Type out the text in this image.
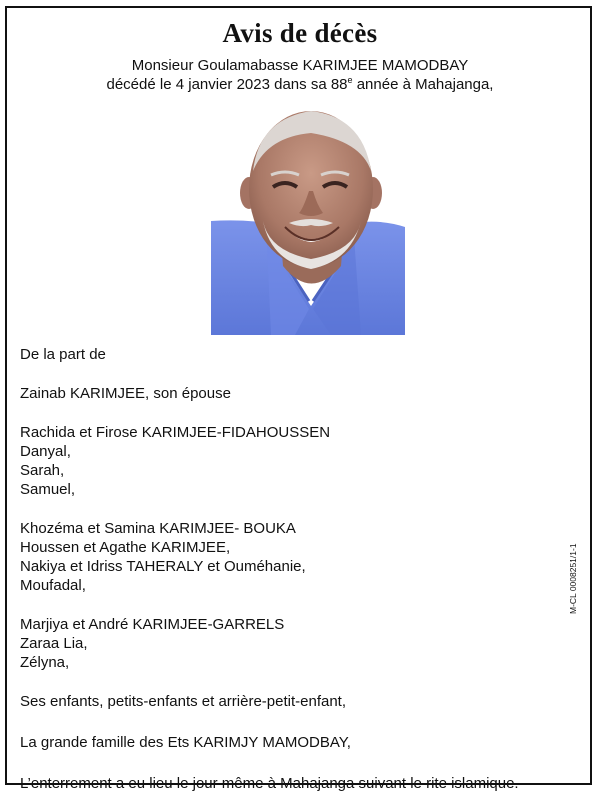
Avis de décès

Monsieur Goulamabasse KARIMJEE MAMODBAY

décédé le 4 janvier 2023 dans sa 88e année à Mahajanga,

De la part de

Zainab KARIMJEE, son épouse

Rachida et Firose KARIMJEE-FIDAHOUSSEN

Danyal,

Sarah,

Samuel,

Khozéma et Samina KARIMJEE- BOUKA

Houssen et Agathe KARIMJEE,

Nakiya et Idriss TAHERALY et Ouméhanie,

Moufadal,

Marjiya et André KARIMJEE-GARRELS

Zaraa Lia,

Zélyna,

Ses enfants, petits-enfants et arrière-petit-enfant,

La grande famille des Ets KARIMJY MAMODBAY,

L’enterrement a eu lieu le jour même à Mahajanga suivant le rite islamique.

M-CL 0008251/1-1
